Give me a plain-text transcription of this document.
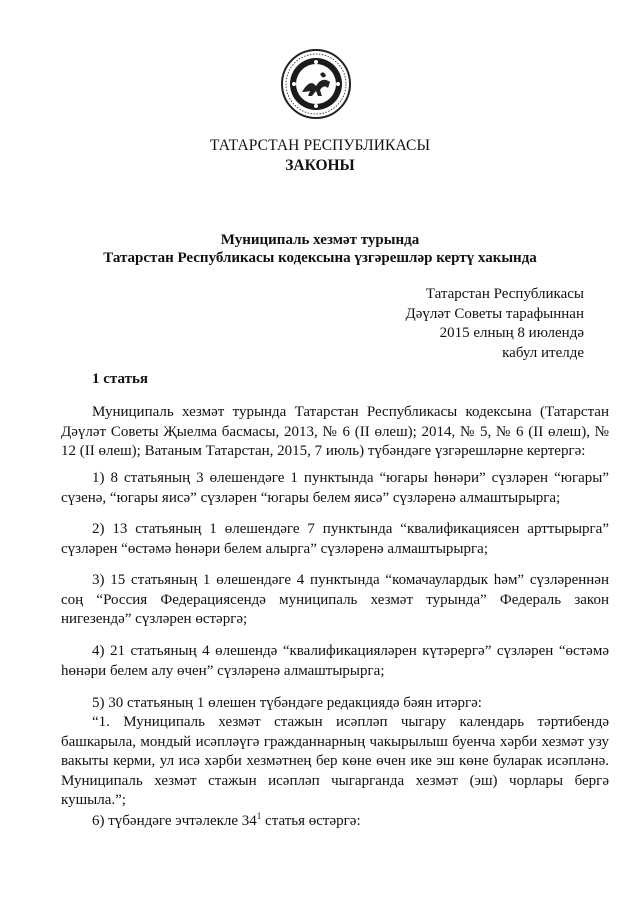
ТАТАРСТАН РЕСПУБЛИКАСЫ
ЗАКОНЫ
Муниципаль хезмәт турында
Татарстан Республикасы кодексына үзгәрешләр кертү хакында
Татарстан Республикасы
Дәүләт Советы тарафыннан
2015 елның 8 июлендә
кабул ителде
1 статья
Муниципаль хезмәт турында Татарстан Республикасы кодексына (Татарстан Дәүләт Советы Җыелма басмасы, 2013, № 6 (II өлеш); 2014, № 5, № 6 (II өлеш), № 12 (II өлеш); Ватаным Татарстан, 2015, 7 июль) түбәндәге үзгәрешләрне кертергә:
1) 8 статьяның 3 өлешендәге 1 пунктында “югары һөнәри” сүзләрен “югары” сүзенә, “югары яисә” сүзләрен “югары белем яисә” сүзләренә алмаштырырга;
2) 13 статьяның 1 өлешендәге 7 пунктында “квалификациясен арттырырга” сүзләрен “өстәмә һөнәри белем алырга” сүзләренә алмаштырырга;
3) 15 статьяның 1 өлешендәге 4 пунктында “комачаулардык һәм” сүзләреннән соң “Россия Федерациясендә муниципаль хезмәт турында” Федераль закон нигезендә” сүзләрен өстәргә;
4) 21 статьяның 4 өлешендә “квалификацияләрен күтәрергә” сүзләрен “өстәмә һөнәри белем алу өчен” сүзләренә алмаштырырга;
5) 30 статьяның 1 өлешен түбәндәге редакциядә бәян итәргә:
“1. Муниципаль хезмәт стажын исәпләп чыгару календарь тәртибендә башкарыла, мондый исәпләүгә гражданнарның чакырылыш буенча хәрби хезмәт узу вакыты керми, ул исә хәрби хезмәтнең бер көне өчен ике эш көне буларак исәпләнә. Муниципаль хезмәт стажын исәпләп чыгарганда хезмәт (эш) чорлары бергә кушыла.”;
6) түбәндәге эчтәлекле $34^1$ статья өстәргә:
